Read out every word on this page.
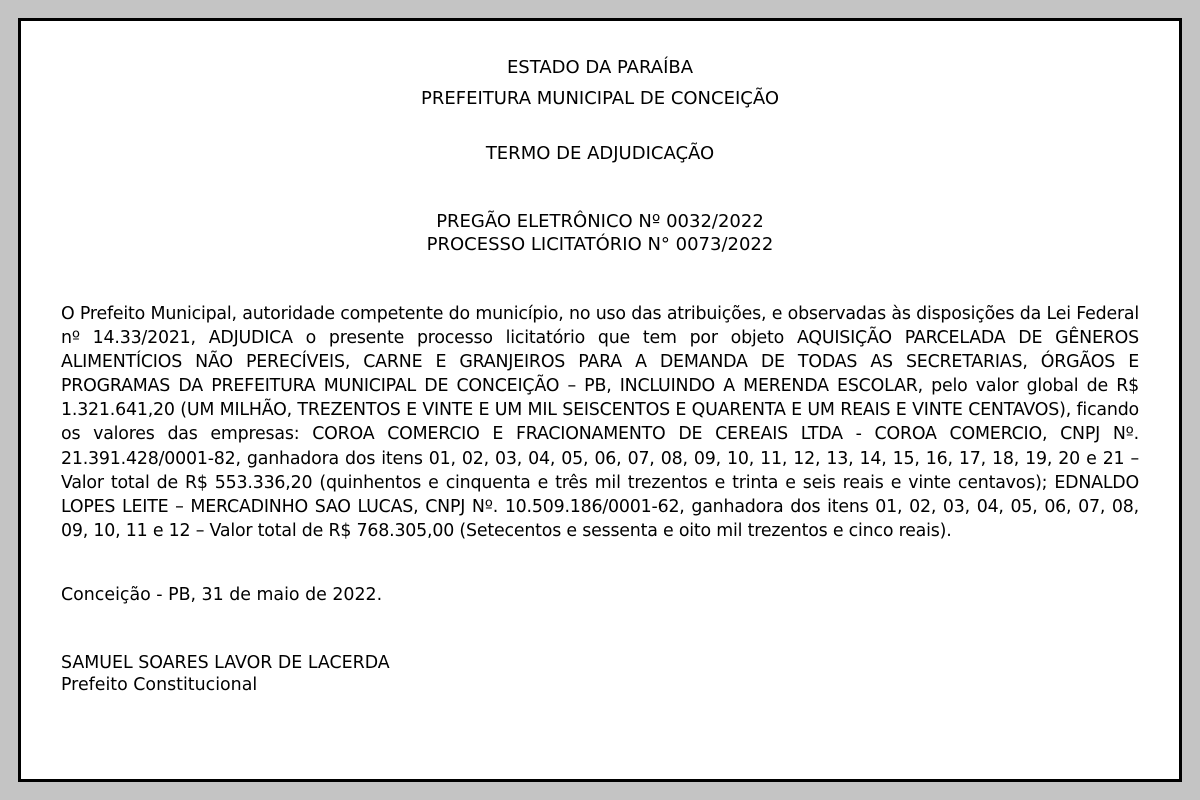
ESTADO DA PARAÍBA
PREFEITURA MUNICIPAL DE CONCEIÇÃO
TERMO DE ADJUDICAÇÃO
PREGÃO ELETRÔNICO Nº 0032/2022
PROCESSO LICITATÓRIO N° 0073/2022

O Prefeito Municipal, autoridade competente do município, no uso das atribuições, e observadas às disposições da Lei Federal nº 14.33/2021, ADJUDICA o presente processo licitatório que tem por objeto AQUISIÇÃO PARCELADA DE GÊNEROS ALIMENTÍCIOS NÃO PERECÍVEIS, CARNE E GRANJEIROS PARA A DEMANDA DE TODAS AS SECRETARIAS, ÓRGÃOS E PROGRAMAS DA PREFEITURA MUNICIPAL DE CONCEIÇÃO – PB, INCLUINDO A MERENDA ESCOLAR, pelo valor global de R$ 1.321.641,20 (UM MILHÃO, TREZENTOS E VINTE E UM MIL SEISCENTOS E QUARENTA E UM REAIS E VINTE CENTAVOS), ficando os valores das empresas: COROA COMERCIO E FRACIONAMENTO DE CEREAIS LTDA - COROA COMERCIO, CNPJ Nº. 21.391.428/0001-82, ganhadora dos itens 01, 02, 03, 04, 05, 06, 07, 08, 09, 10, 11, 12, 13, 14, 15, 16, 17, 18, 19, 20 e 21 – Valor total de R$ 553.336,20 (quinhentos e cinquenta e três mil trezentos e trinta e seis reais e vinte centavos); EDNALDO LOPES LEITE – MERCADINHO SAO LUCAS, CNPJ Nº. 10.509.186/0001-62, ganhadora dos itens 01, 02, 03, 04, 05, 06, 07, 08, 09, 10, 11 e 12 – Valor total de R$ 768.305,00 (Setecentos e sessenta e oito mil trezentos e cinco reais).

Conceição - PB, 31 de maio de 2022.
SAMUEL SOARES LAVOR DE LACERDA
Prefeito Constitucional
